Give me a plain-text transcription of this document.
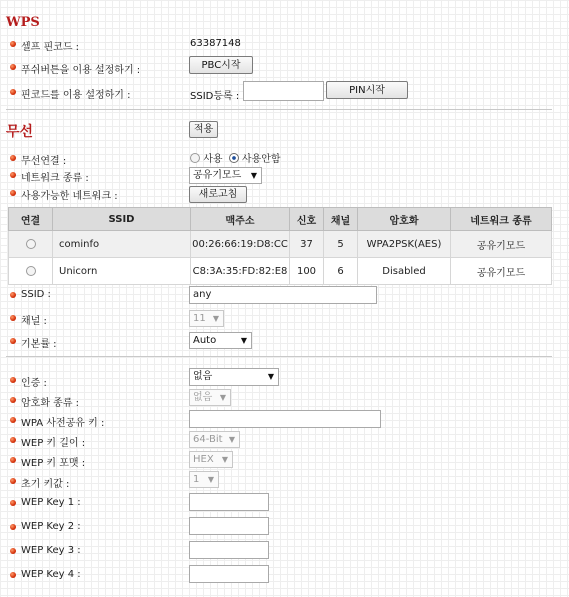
WPS
셀프 핀코드 :	63387148
푸쉬버튼을 이용 설정하기 :	PBC시작
핀코드를 이용 설정하기 :	SSID등록 :
PIN시작
무선	적용
무선연결 :	사용 사용안함
네트워크 종류 :	공유기모드 ▼
사용가능한 네트워크 :	새로고침
연결	SSID	맥주소	신호	채널	암호화	네트워크 종류
	cominfo	00:26:66:19:D8:CC	37	5	WPA2PSK(AES)	공유기모드
	Unicorn	C8:3A:35:FD:82:E8	100	6	Disabled	공유기모드
SSID :	any
채널 :	11 ▼
기본률 :	Auto	▼
인증 :
없음	▼
암호화 종류 :
없음 ▼
WPA 사전공유 키 :
WEP 키 길이 :	64-Bit ▼
WEP 키 포맷 :	HEX ▼
초기 키값 :	1 ▼
WEP Key 1 :
WEP Key 2 :
WEP Key 3 :
WEP Key 4 :
